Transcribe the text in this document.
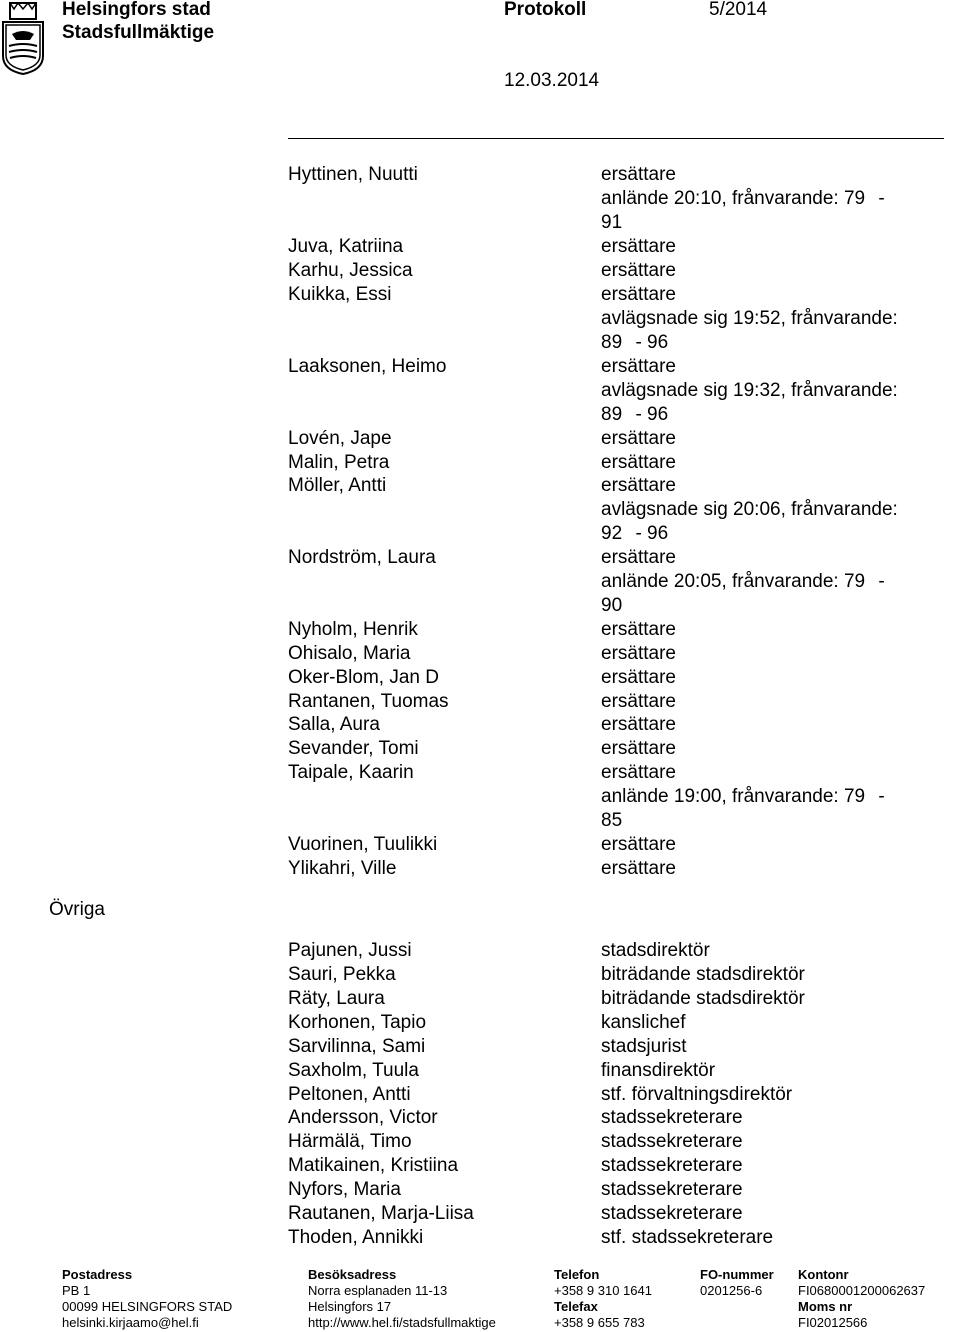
Helsingfors stad	Protokoll	5/2014
Stadsfullmäktige
12.03.2014
Hyttinen, Nuutti	ersättare
anlände 20:10, frånvarande: 79 -
91
Juva, Katriina	ersättare
Karhu, Jessica	ersättare
Kuikka, Essi	ersättare
avlägsnade sig 19:52, frånvarande:
89 - 96
Laaksonen, Heimo	ersättare
avlägsnade sig 19:32, frånvarande:
89 - 96
Lovén, Jape	ersättare
Malin, Petra	ersättare
Möller, Antti	ersättare
avlägsnade sig 20:06, frånvarande:
92 - 96
Nordström, Laura	ersättare
anlände 20:05, frånvarande: 79 -
90
Nyholm, Henrik	ersättare
Ohisalo, Maria	ersättare
Oker-Blom, Jan D	ersättare
Rantanen, Tuomas	ersättare
Salla, Aura	ersättare
Sevander, Tomi	ersättare
Taipale, Kaarin	ersättare
anlände 19:00, frånvarande: 79 -
85
Vuorinen, Tuulikki	ersättare
Ylikahri, Ville	ersättare
Övriga
Pajunen, Jussi	stadsdirektör
Sauri, Pekka	biträdande stadsdirektör
Räty, Laura	biträdande stadsdirektör
Korhonen, Tapio	kanslichef
Sarvilinna, Sami	stadsjurist
Saxholm, Tuula	finansdirektör
Peltonen, Antti	stf. förvaltningsdirektör
Andersson, Victor	stadssekreterare
Härmälä, Timo	stadssekreterare
Matikainen, Kristiina	stadssekreterare
Nyfors, Maria	stadssekreterare
Rautanen, Marja-Liisa	stadssekreterare
Thoden, Annikki	stf. stadssekreterare
Postadress
PB 1
00099 HELSINGFORS STAD
helsinki.kirjaamo@hel.fi
Besöksadress
Norra esplanaden 11-13
Helsingfors 17
http://www.hel.fi/stadsfullmaktige
Telefon
+358 9 310 1641
Telefax
+358 9 655 783
FO-nummer
0201256-6
Kontonr
FI0680001200062637
Moms nr
FI02012566
